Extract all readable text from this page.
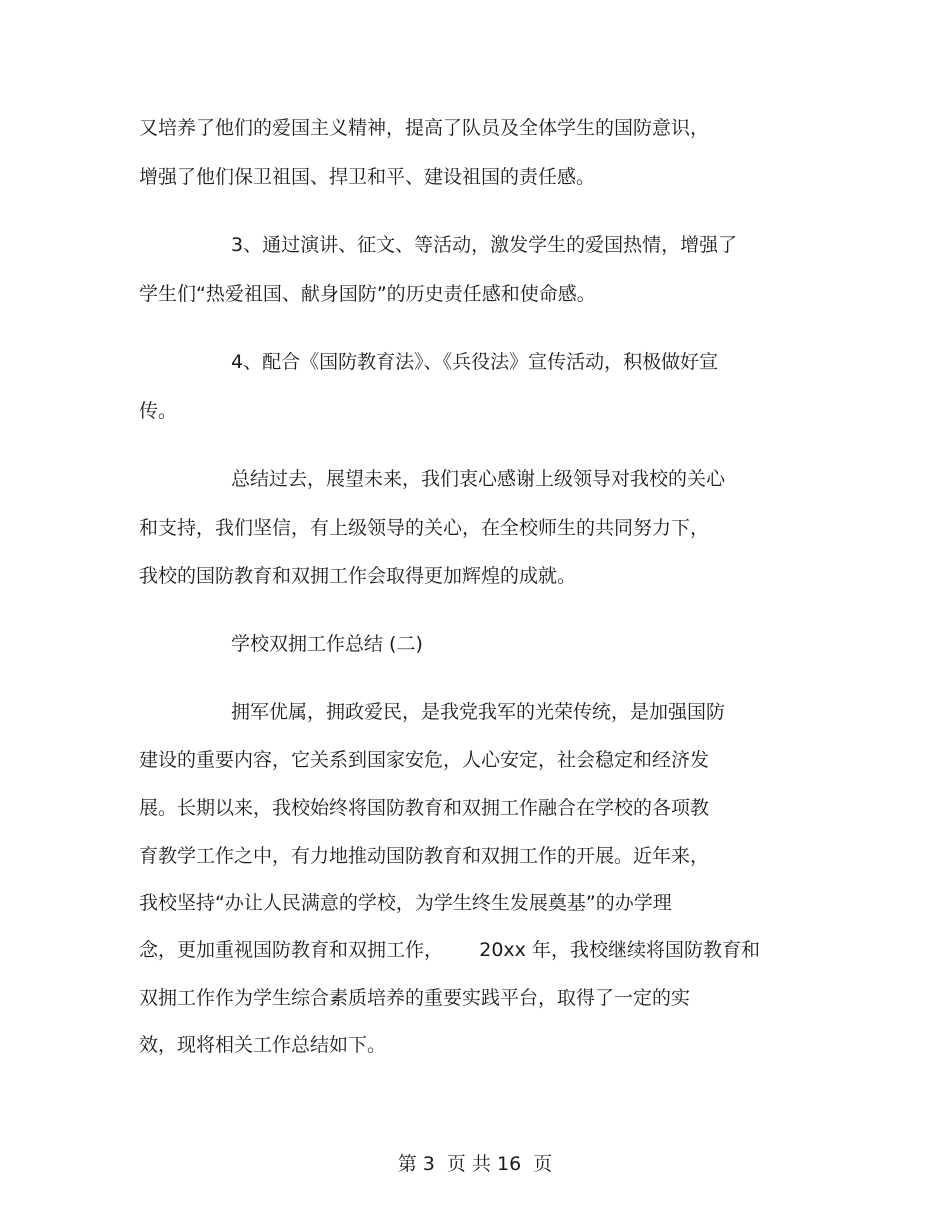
又培养了他们的爱国主义精神，提高了队员及全体学生的国防意识，

增强了他们保卫祖国、捍卫和平、建设祖国的责任感。

3、通过演讲、征文、等活动，激发学生的爱国热情，增强了

学生们“热爱祖国、献身国防”的历史责任感和使命感。

4、配合《国防教育法》、《兵役法》宣传活动，积极做好宣

传。

总结过去，展望未来，我们衷心感谢上级领导对我校的关心

和支持，我们坚信，有上级领导的关心，在全校师生的共同努力下，

我校的国防教育和双拥工作会取得更加辉煌的成就。

学校双拥工作总结 (二)

拥军优属，拥政爱民，是我党我军的光荣传统，是加强国防

建设的重要内容，它关系到国家安危，人心安定，社会稳定和经济发

展。长期以来，我校始终将国防教育和双拥工作融合在学校的各项教

育教学工作之中，有力地推动国防教育和双拥工作的开展。近年来，

我校坚持“办让人民满意的学校，为学生终生发展奠基”的办学理

念，更加重视国防教育和双拥工作，      20xx 年，我校继续将国防教育和

双拥工作作为学生综合素质培养的重要实践平台，取得了一定的实

效，现将相关工作总结如下。

第 3  页 共 16  页
